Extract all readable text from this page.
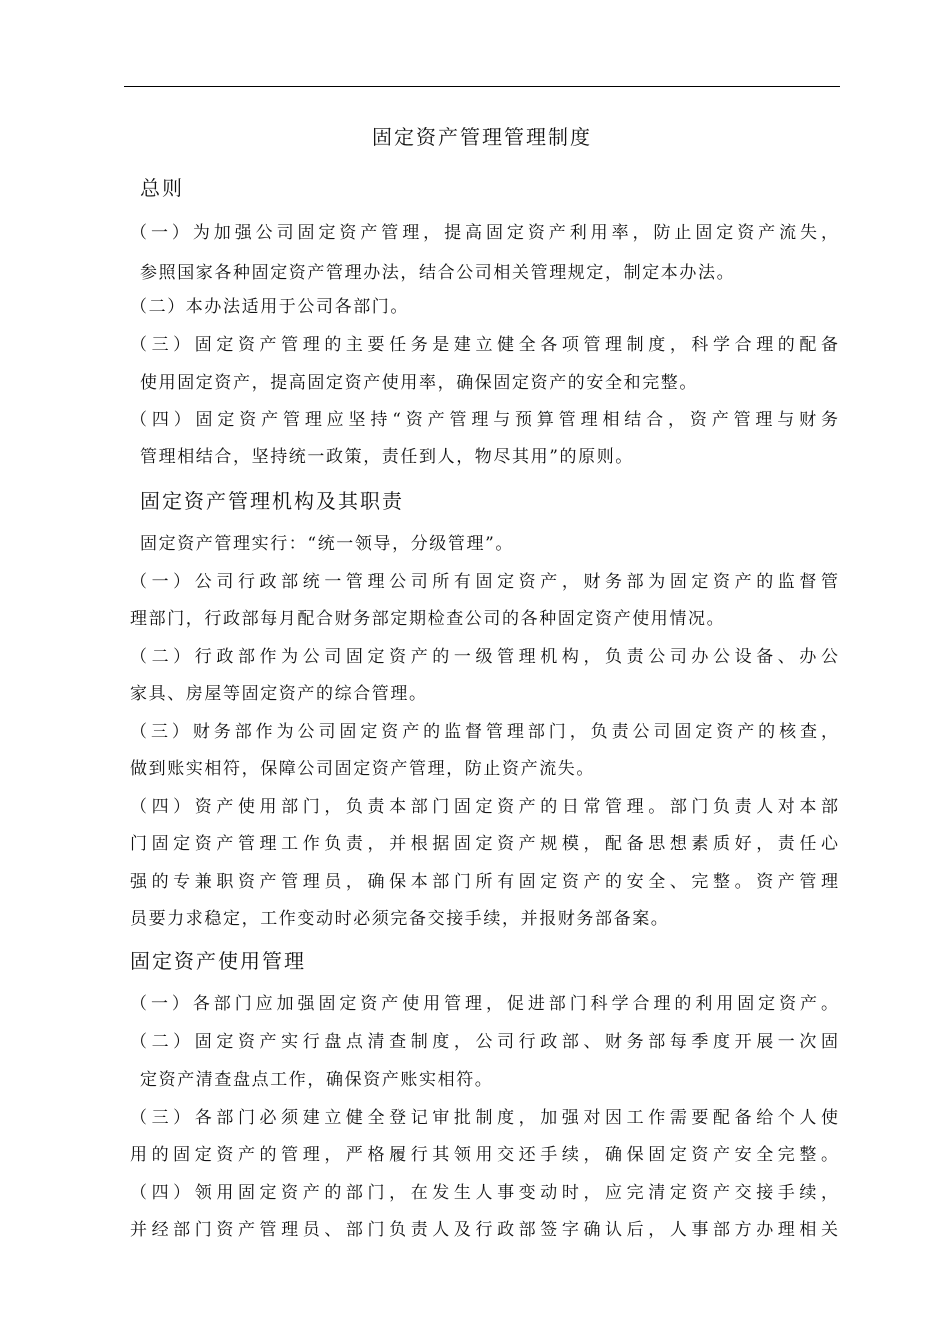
固定资产管理管理制度
总则
（一）为加强公司固定资产管理，提高固定资产利用率，防止固定资产流失，
参照国家各种固定资产管理办法，结合公司相关管理规定，制定本办法。
（二）本办法适用于公司各部门。
（三）固定资产管理的主要任务是建立健全各项管理制度，科学合理的配备
使用固定资产，提高固定资产使用率，确保固定资产的安全和完整。
（四）固定资产管理应坚持“资产管理与预算管理相结合，资产管理与财务
管理相结合，坚持统一政策，责任到人，物尽其用”的原则。
固定资产管理机构及其职责
固定资产管理实行：“统一领导，分级管理”。
（一）公司行政部统一管理公司所有固定资产，财务部为固定资产的监督管
理部门，行政部每月配合财务部定期检查公司的各种固定资产使用情况。
（二）行政部作为公司固定资产的一级管理机构，负责公司办公设备、办公
家具、房屋等固定资产的综合管理。
（三）财务部作为公司固定资产的监督管理部门，负责公司固定资产的核查，
做到账实相符，保障公司固定资产管理，防止资产流失。
（四）资产使用部门，负责本部门固定资产的日常管理。部门负责人对本部
门固定资产管理工作负责，并根据固定资产规模，配备思想素质好，责任心
强的专兼职资产管理员，确保本部门所有固定资产的安全、完整。资产管理
员要力求稳定，工作变动时必须完备交接手续，并报财务部备案。
固定资产使用管理
（一）各部门应加强固定资产使用管理，促进部门科学合理的利用固定资产。
（二）固定资产实行盘点清查制度，公司行政部、财务部每季度开展一次固
定资产清查盘点工作，确保资产账实相符。
（三）各部门必须建立健全登记审批制度，加强对因工作需要配备给个人使
用的固定资产的管理，严格履行其领用交还手续，确保固定资产安全完整。
（四）领用固定资产的部门，在发生人事变动时，应完清定资产交接手续，
并经部门资产管理员、部门负责人及行政部签字确认后，人事部方办理相关
